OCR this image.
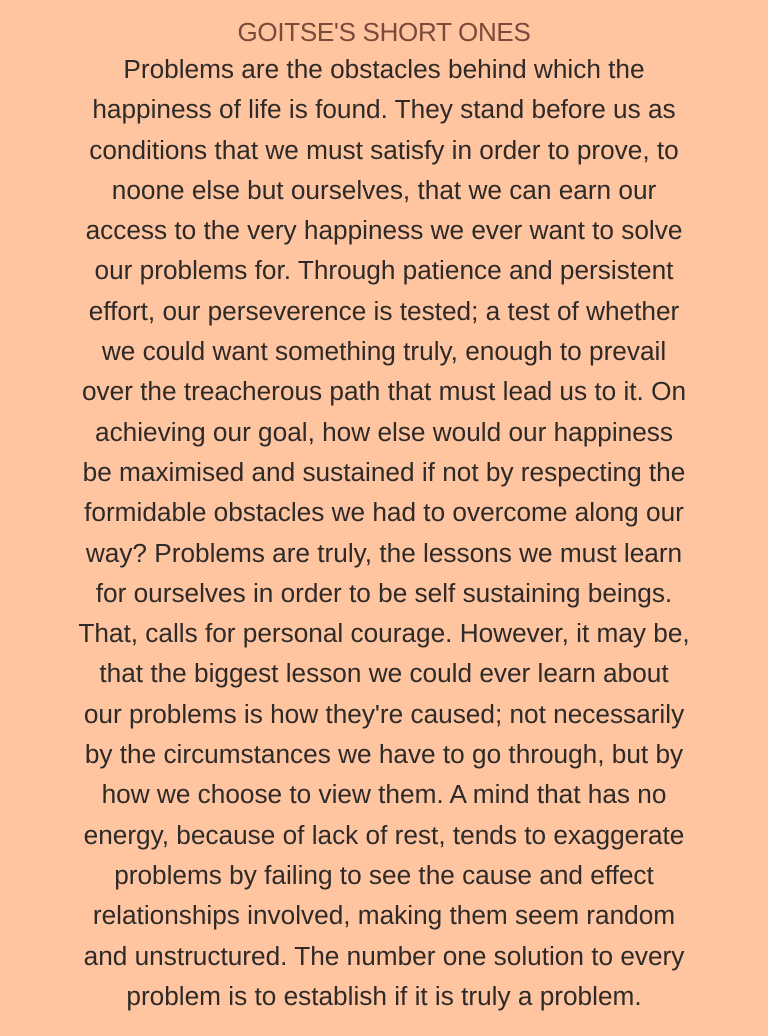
GOITSE'S SHORT ONES

Problems are the obstacles behind which the
happiness of life is found. They stand before us as
conditions that we must satisfy in order to prove, to
noone else but ourselves, that we can earn our
access to the very happiness we ever want to solve
our problems for. Through patience and persistent
effort, our perseverence is tested; a test of whether
we could want something truly, enough to prevail
over the treacherous path that must lead us to it. On
achieving our goal, how else would our happiness
be maximised and sustained if not by respecting the
formidable obstacles we had to overcome along our
way? Problems are truly, the lessons we must learn
for ourselves in order to be self sustaining beings.
That, calls for personal courage. However, it may be,
that the biggest lesson we could ever learn about
our problems is how they're caused; not necessarily
by the circumstances we have to go through, but by
how we choose to view them. A mind that has no
energy, because of lack of rest, tends to exaggerate
problems by failing to see the cause and effect
relationships involved, making them seem random
and unstructured. The number one solution to every
problem is to establish if it is truly a problem.
